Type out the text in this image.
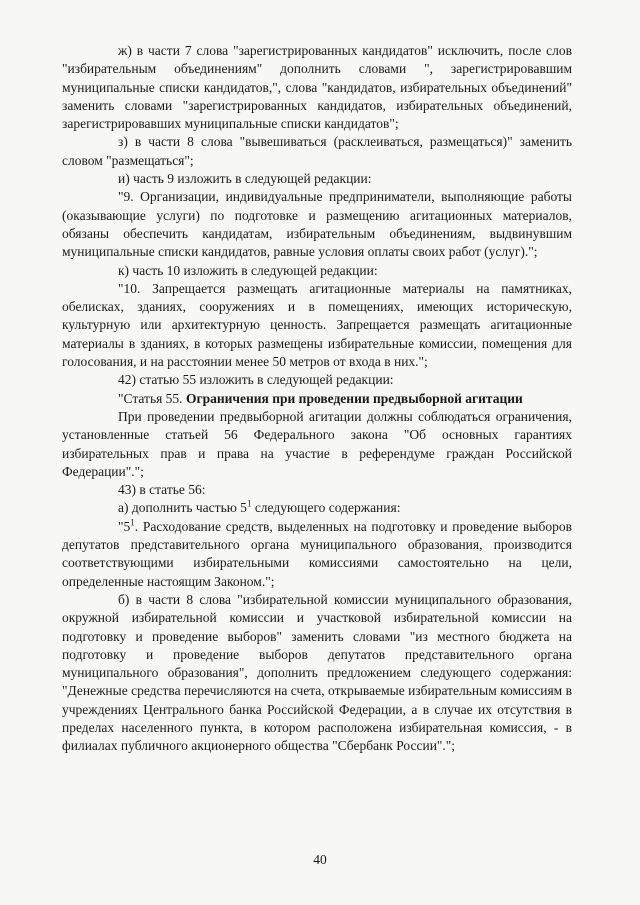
ж) в части 7 слова "зарегистрированных кандидатов" исключить, после слов "избирательным объединениям" дополнить словами ", зарегистрировавшим муниципальные списки кандидатов,", слова "кандидатов, избирательных объединений" заменить словами "зарегистрированных кандидатов, избирательных объединений, зарегистрировавших муниципальные списки кандидатов";

з) в части 8 слова "вывешиваться (расклеиваться, размещаться)" заменить словом "размещаться";

и) часть 9 изложить в следующей редакции:

"9. Организации, индивидуальные предприниматели, выполняющие работы (оказывающие услуги) по подготовке и размещению агитационных материалов, обязаны обеспечить кандидатам, избирательным объединениям, выдвинувшим муниципальные списки кандидатов, равные условия оплаты своих работ (услуг).";

к) часть 10 изложить в следующей редакции:

"10. Запрещается размещать агитационные материалы на памятниках, обелисках, зданиях, сооружениях и в помещениях, имеющих историческую, культурную или архитектурную ценность. Запрещается размещать агитационные материалы в зданиях, в которых размещены избирательные комиссии, помещения для голосования, и на расстоянии менее 50 метров от входа в них.";

42) статью 55 изложить в следующей редакции:

"Статья 55. Ограничения при проведении предвыборной агитации

При проведении предвыборной агитации должны соблюдаться ограничения, установленные статьей 56 Федерального закона "Об основных гарантиях избирательных прав и права на участие в референдуме граждан Российской Федерации".";

43) в статье 56:

а) дополнить частью $5^1$ следующего содержания:

"$5^1$. Расходование средств, выделенных на подготовку и проведение выборов депутатов представительного органа муниципального образования, производится соответствующими избирательными комиссиями самостоятельно на цели, определенные настоящим Законом.";

б) в части 8 слова "избирательной комиссии муниципального образования, окружной избирательной комиссии и участковой избирательной комиссии на подготовку и проведение выборов" заменить словами "из местного бюджета на подготовку и проведение выборов депутатов представительного органа муниципального образования", дополнить предложением следующего содержания: "Денежные средства перечисляются на счета, открываемые избирательным комиссиям в учреждениях Центрального банка Российской Федерации, а в случае их отсутствия в пределах населенного пункта, в котором расположена избирательная комиссия, - в филиалах публичного акционерного общества "Сбербанк России".";

40
